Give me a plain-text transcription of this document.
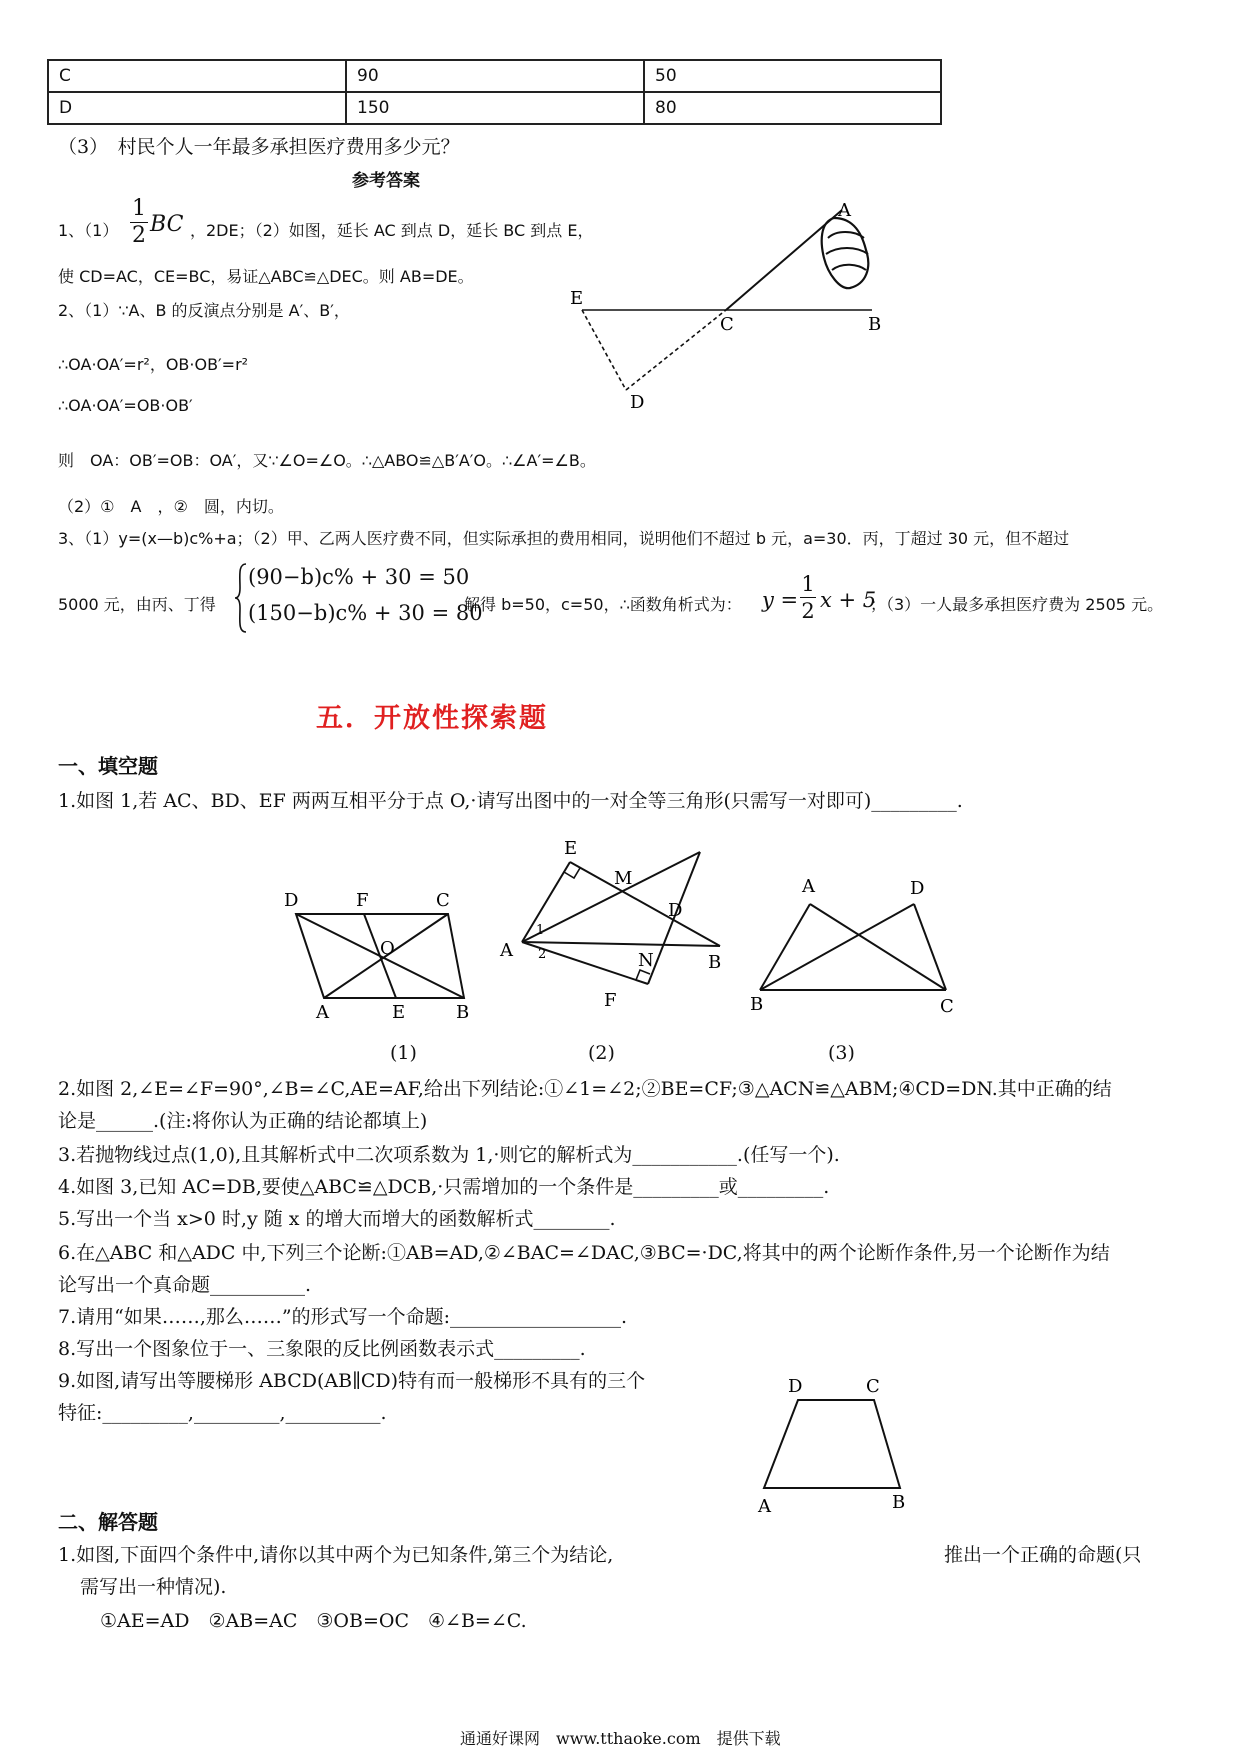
C	90	50
D	150	80
（3）　村民个人一年最多承担医疗费用多少元？
参考答案
1、$(1) \frac{1}{2}$ BC ，2DE；（2）如图，延长 AC 到点 D，延长 BC 到点 E，
使 CD=AC，CE=BC，易证△ABC≌△DEC。则 AB=DE。
2、（1）∵A、B 的反演点分别是 A′、B′，
∴OA·OA′=r²，OB·OB′=r²
∴OA·OA′=OB·OB′
则　OA：OB′=OB：OA′，又∵∠O=∠O。∴△ABO≌△B′A′O。∴∠A′=∠B。
（2）①　A　，②　圆，内切。
3、（1）y=(x—b)c%+a；（2）甲、乙两人医疗费不同，但实际承担的费用相同，说明他们不超过 b 元，a=30．丙，丁超过 30 元，但不超过
5000 元，由丙、丁得
(90−b)c% + 30 = 50
(150−b)c% + 30 = 80
解得 b=50，c=50，∴函数角析式为： $y = \frac{1}{2}$ x + 5
；（3）一人最多承担医疗费为 2505 元。
A
E
C	B
D
五．开放性探索题
一、填空题
1.如图 1,若 AC、BD、EF 两两互相平分于点 O,·请写出图中的一对全等三角形(只需写一对即可)_________.
D	F	C
O
A	E	B
E
M
D
1
A 2	N	B
F
A	D
B	C
(1)	(2)	(3)
2.如图 2,∠E=∠F=90°,∠B=∠C,AE=AF,给出下列结论:①∠1=∠2;②BE=CF;③△ACN≌△ABM;④CD=DN.其中正确的结
论是______.(注:将你认为正确的结论都填上)
3.若抛物线过点(1,0),且其解析式中二次项系数为 1,·则它的解析式为___________.(任写一个).
4.如图 3,已知 AC=DB,要使△ABC≌△DCB,·只需增加的一个条件是_________或_________.
5.写出一个当 x>0 时,y 随 x 的增大而增大的函数解析式________.
6.在△ABC 和△ADC 中,下列三个论断:①AB=AD,②∠BAC=∠DAC,③BC=·DC,将其中的两个论断作条件,另一个论断作为结
论写出一个真命题__________.
7.请用“如果……,那么……”的形式写一个命题:__________________.
8.写出一个图象位于一、三象限的反比例函数表示式_________.
9.如图,请写出等腰梯形 ABCD(AB∥CD)特有而一般梯形不具有的三个
特征:_________,_________,__________.
D	C
A	B
二、解答题
1.如图,下面四个条件中,请你以其中两个为已知条件,第三个为结论,	推出一个正确的命题(只
需写出一种情况).
①AE=AD　②AB=AC　③OB=OC　④∠B=∠C.
通通好课网　www.tthaoke.com　提供下载
